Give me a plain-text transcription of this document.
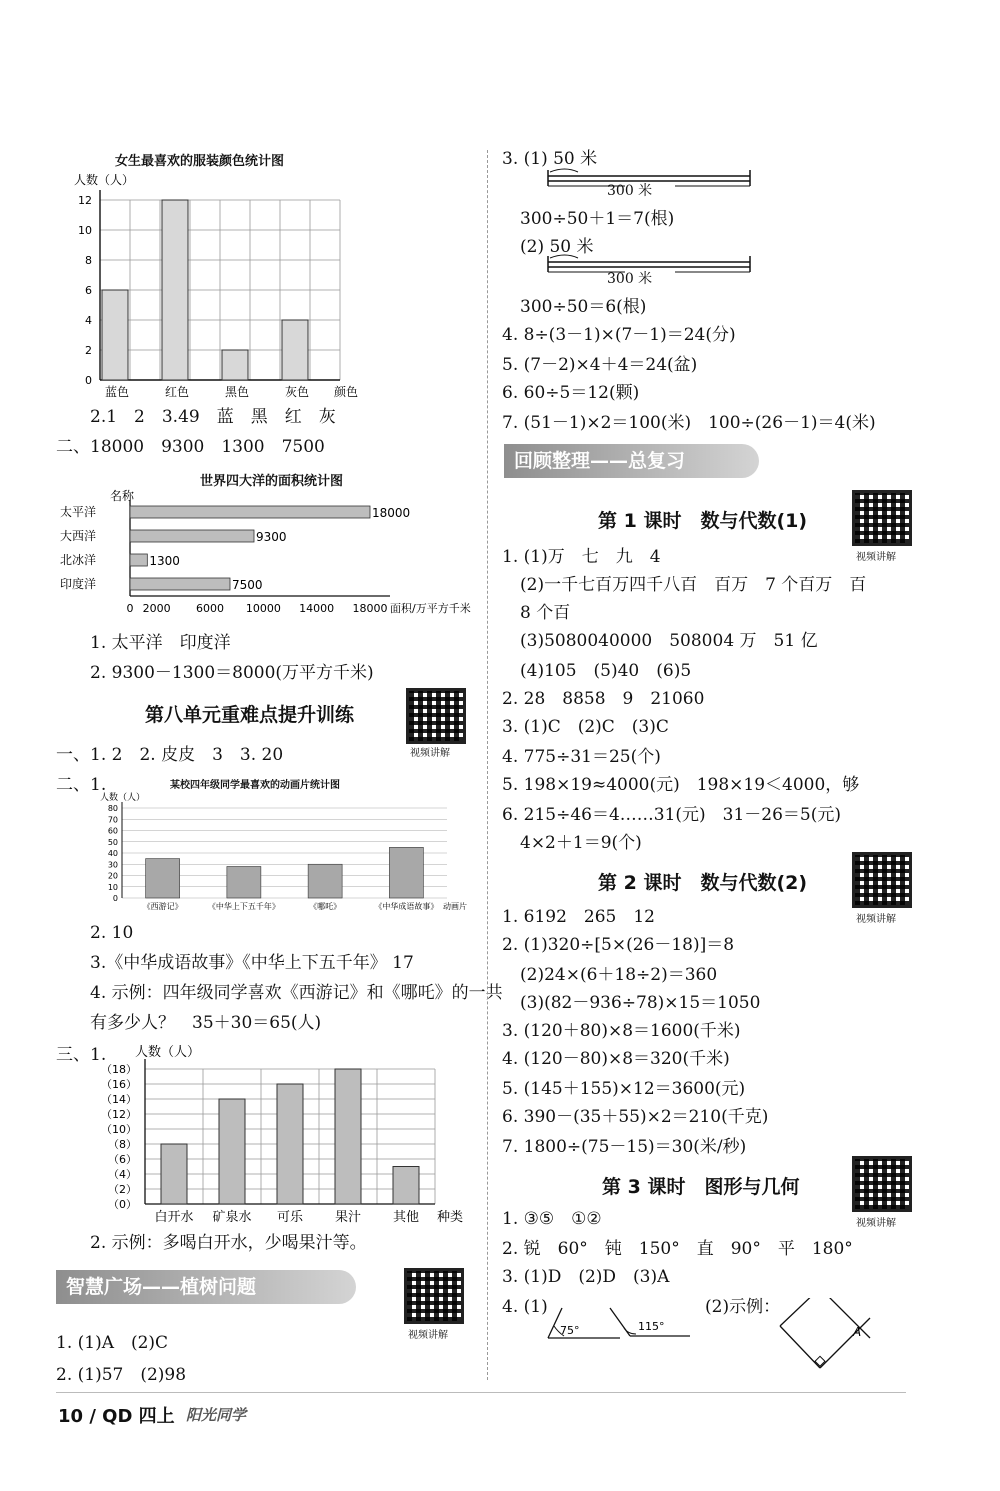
女生最喜欢的服装颜色统计图
人数（人）
0
2
4
6
8
10
12
蓝色	红色	黑色	灰色 颜色
2.1　2　3.49　蓝　黑　红　灰
二、18000　9300　1300　7500
世界四大洋的面积统计图
名称
太平洋	18000
大西洋	9300
北冰洋	1300
印度洋	7500
0 2000 6000 10000 14000 18000 面积/万平方千米
1. 太平洋　印度洋
2. 9300－1300＝8000(万平方千米)
第八单元重难点提升训练
视频讲解
一、1. 2　2. 皮皮　3　3. 20
二、1.	某校四年级同学最喜欢的动画片统计图
人数（人）
0
10
20
30
40
50
60
70
80
《西游记》	《中华上下五千年》	《哪吒》	《中华成语故事》 动画片
2. 10
3.《中华成语故事》《中华上下五千年》 17
4. 示例：四年级同学喜欢《西游记》和《哪吒》的一共
有多少人？　35＋30＝65(人)
三、1. 人数（人）
（0）
（2）
（4）
（6）
（8）
（10）
（12）
（14）
（16）
（18）
白开水 矿泉水 可乐 果汁 其他 种类
2. 示例：多喝白开水，少喝果汁等。
智慧广场——植树问题
视频讲解
1. (1)A　(2)C
2. (1)57　(2)98
10 / QD 四上 阳光同学
3. (1) 50 米
300 米
300÷50＋1＝7(根)
(2) 50 米
300 米
300÷50＝6(根)
4. 8÷(3－1)×(7－1)＝24(分)
5. (7－2)×4＋4＝24(盆)
6. 60÷5＝12(颗)
7. (51－1)×2＝100(米)　100÷(26－1)＝4(米)
回顾整理——总复习
第 1 课时　数与代数(1)
视频讲解
1. (1)万　七　九　4
(2)一千七百万四千八百　百万　7 个百万　百
8 个百
(3)5080040000　508004 万　51 亿
(4)105　(5)40　(6)5
2. 28　8858　9　21060
3. (1)C　(2)C　(3)C
4. 775÷31＝25(个)
5. 198×19≈4000(元)　198×19＜4000，够
6. 215÷46＝4……31(元)　31－26＝5(元)
4×2＋1＝9(个)
第 2 课时　数与代数(2)
视频讲解
1. 6192　265　12
2. (1)320÷[5×(26－18)]＝8
(2)24×(6＋18÷2)＝360
(3)(82－936÷78)×15＝1050
3. (120＋80)×8＝1600(千米)
4. (120－80)×8＝320(千米)
5. (145＋155)×12＝3600(元)
6. 390－(35＋55)×2＝210(千克)
7. 1800÷(75－15)＝30(米/秒)
第 3 课时　图形与几何
视频讲解
1. ③⑤　①②
2. 锐　60°　钝　150°　直　90°　平　180°
3. (1)D　(2)D　(3)A
4. (1)	(2)示例：
75°	115°	A
